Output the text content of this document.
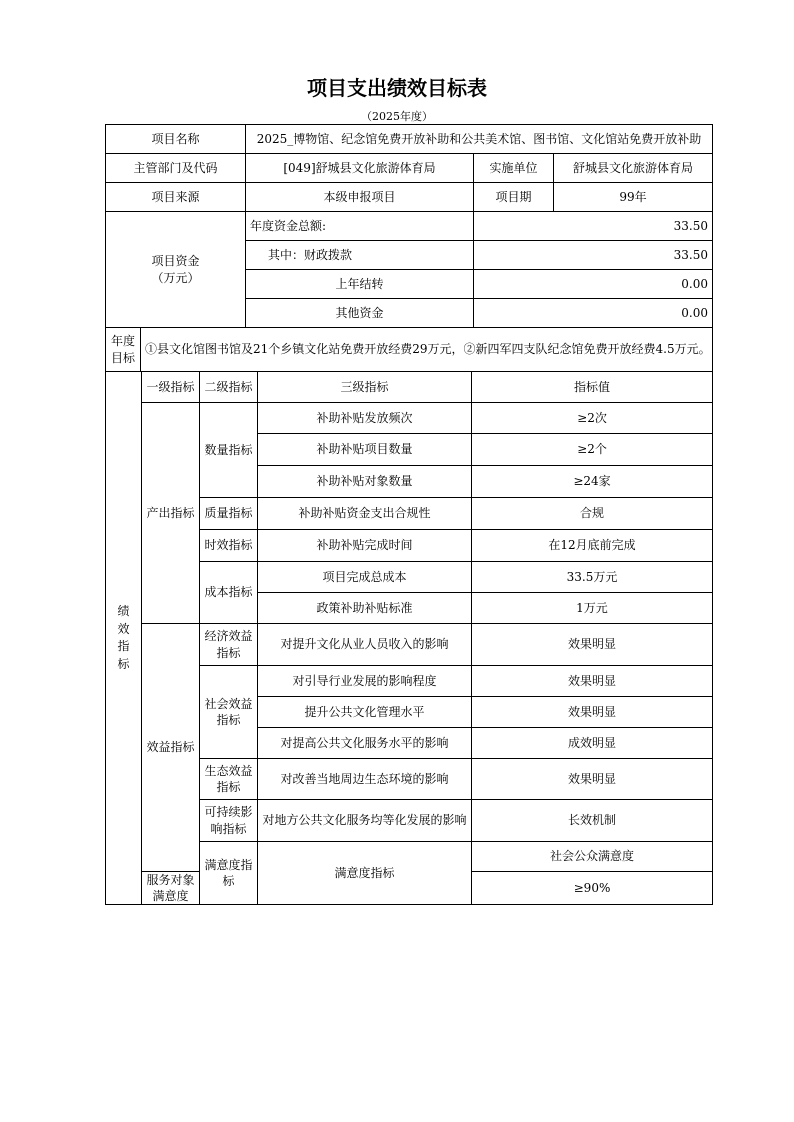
项目支出绩效目标表
（2025年度）
项目名称	2025_博物馆、纪念馆免费开放补助和公共美术馆、图书馆、文化馆站免费开放补助		
主管部门及代码	[049]舒城县文化旅游体育局	实施单位	舒城县文化旅游体育局
项目来源	本级申报项目	项目期	99年
项目资金
（万元）	年度资金总额:	33.50
	其中：财政拨款	33.50
	上年结转	0.00
	其他资金	0.00
年度
目标
	①县文化馆图书馆及21个乡镇文化站免费开放经费29万元，②新四军四支队纪念馆免费开放经费4.5万元。
绩
效
指
标	一级指标	二级指标	三级指标	指标值	
	产出指标	数量指标	补助补贴发放频次	≥2次	
			补助补贴项目数量	≥2个	
			补助补贴对象数量	≥24家	
		质量指标	补助补贴资金支出合规性	合规	
		时效指标	补助补贴完成时间	在12月底前完成	
		成本指标	项目完成总成本	33.5万元	
			政策补助补贴标准	1万元	
	效益指标	经济效益指标	对提升文化从业人员收入的影响	效果明显	
		社会效益指标	对引导行业发展的影响程度	效果明显	
			提升公共文化管理水平	效果明显	
			对提高公共文化服务水平的影响	成效明显	
		生态效益指标	对改善当地周边生态环境的影响	效果明显	
		可持续影响指标	对地方公共文化服务均等化发展的影响	长效机制	
		满意度指标	满意度指标	社会公众满意度	
	服务对象满意度			≥90%	
